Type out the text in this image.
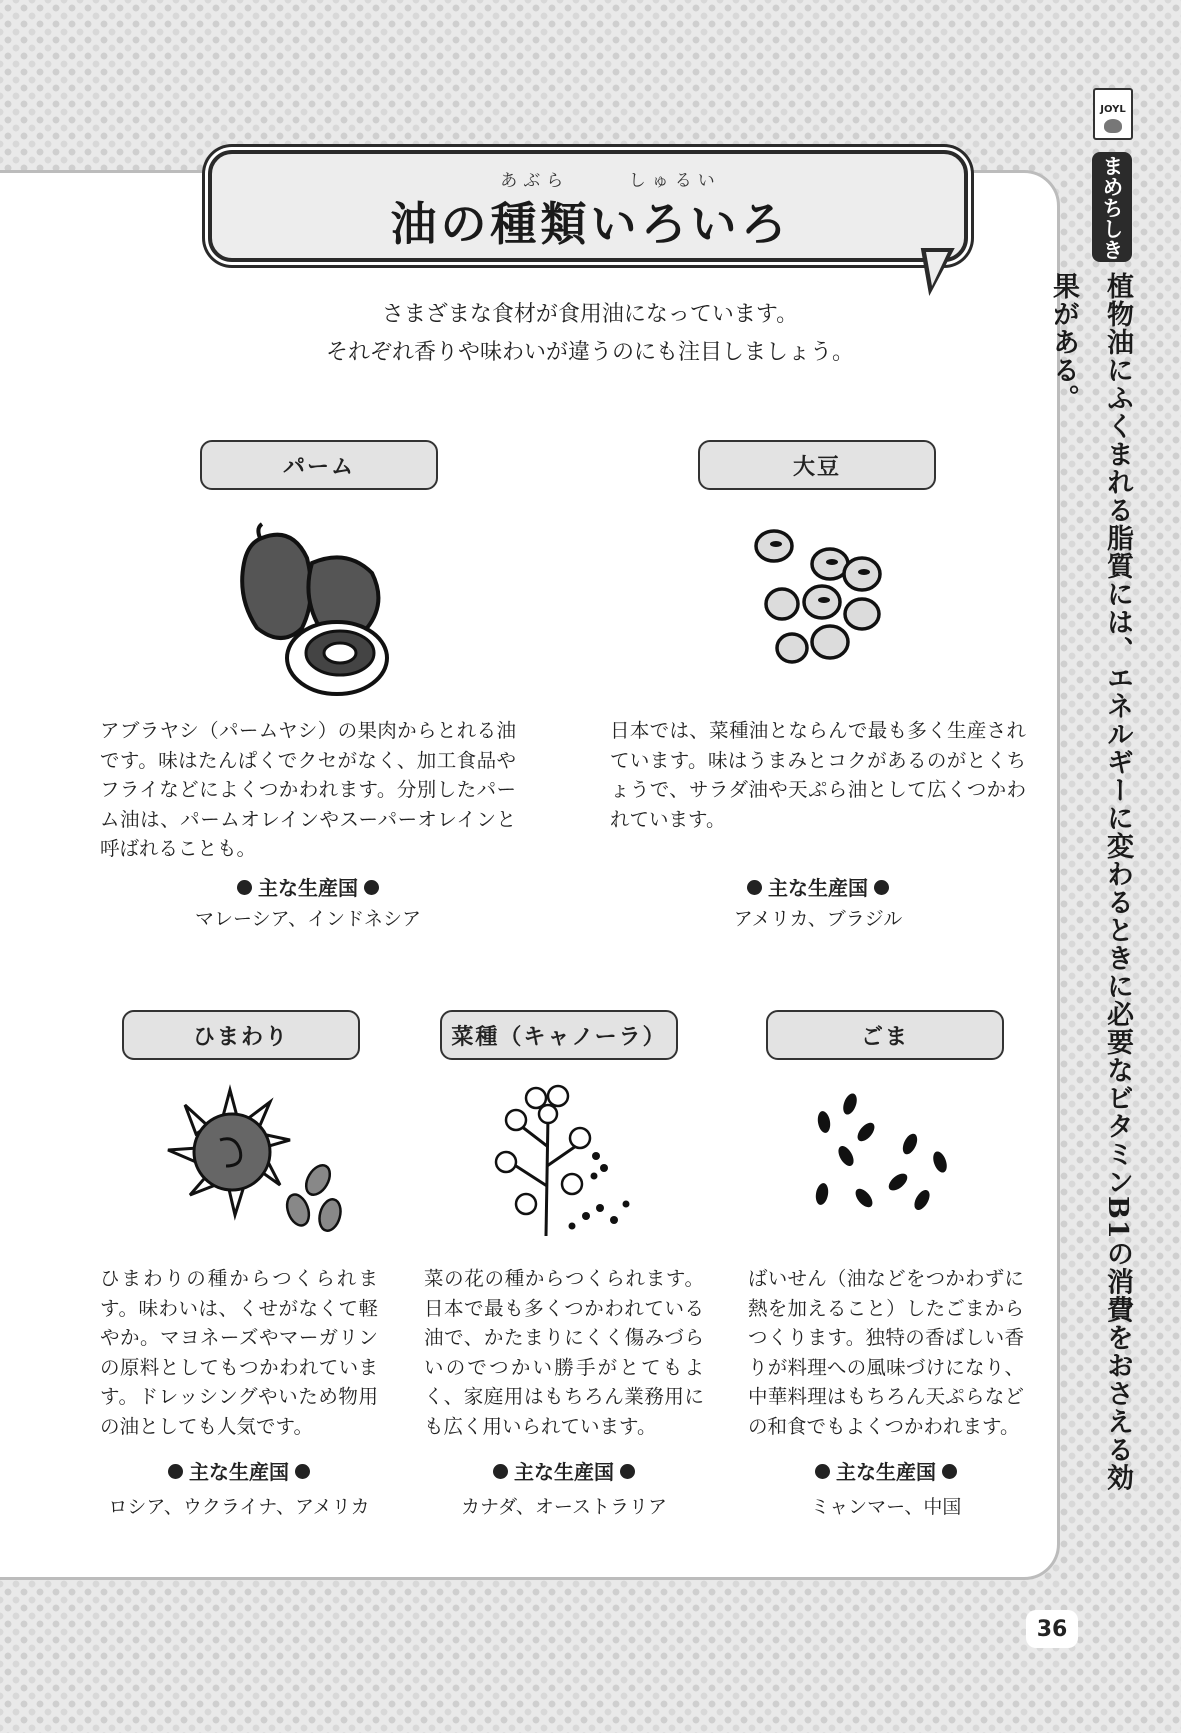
あぶら しゅるい
油の種類いろいろ
さまざまな食材が食用油になっています。
それぞれ香りや味わいが違うのにも注目しましょう。
パーム
アブラヤシ（パームヤシ）の果肉からとれる油です。味はたんぱくでクセがなく、加工食品やフライなどによくつかわれます。分別したパーム油は、パームオレインやスーパーオレインと呼ばれることも。
主な生産国
マレーシア、インドネシア
大豆
日本では、菜種油とならんで最も多く生産されています。味はうまみとコクがあるのがとくちょうで、サラダ油や天ぷら油として広くつかわれています。
主な生産国
アメリカ、ブラジル
ひまわり
ひまわりの種からつくられます。味わいは、くせがなくて軽やか。マヨネーズやマーガリンの原料としてもつかわれています。ドレッシングやいため物用の油としても人気です。
主な生産国
ロシア、ウクライナ、アメリカ
菜種（キャノーラ）
菜の花の種からつくられます。日本で最も多くつかわれている油で、かたまりにくく傷みづらいのでつかい勝手がとてもよく、家庭用はもちろん業務用にも広く用いられています。
主な生産国
カナダ、オーストラリア
ごま
ばいせん（油などをつかわずに熱を加えること）したごまからつくります。独特の香ばしい香りが料理への風味づけになり、中華料理はもちろん天ぷらなどの和食でもよくつかわれます。
主な生産国
ミャンマー、中国
JOYL
まめちしき
植物油にふくまれる脂質には、エネルギーに変わるときに必要なビタミンB1の消費をおさえる効果がある。
36
